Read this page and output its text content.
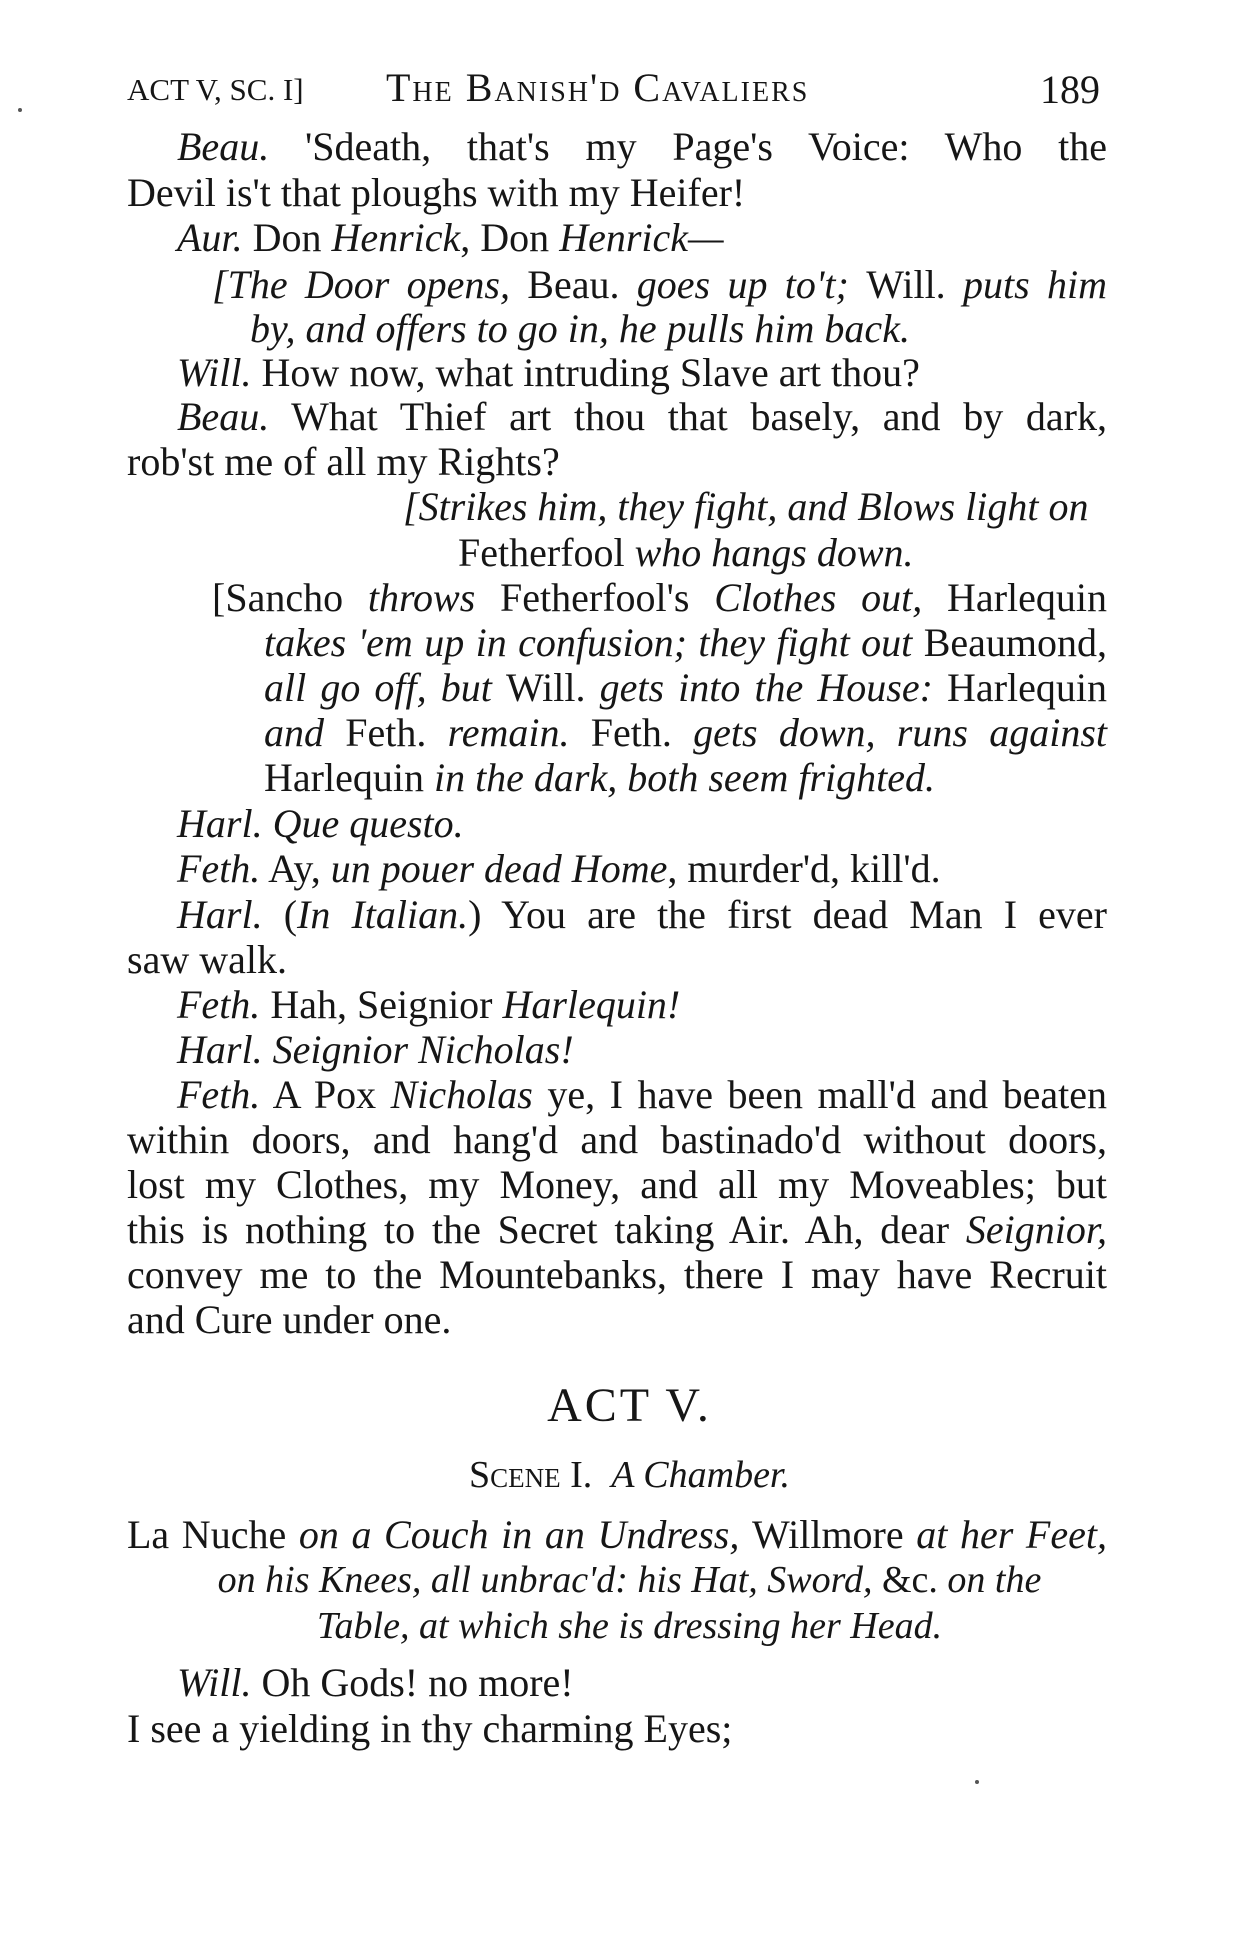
ACT V, SC. I] The Banish'd Cavaliers	189
Beau. 'Sdeath, that's my Page's Voice: Who the
Devil is't that ploughs with my Heifer!
Aur. Don Henrick, Don Henrick—
[The Door opens, Beau. goes up to't; Will. puts him
by, and offers to go in, he pulls him back.
Will. How now, what intruding Slave art thou?
Beau. What Thief art thou that basely, and by dark,
rob'st me of all my Rights?
[Strikes him, they fight, and Blows light on
Fetherfool who hangs down.
[Sancho throws Fetherfool's Clothes out, Harlequin
takes 'em up in confusion; they fight out Beaumond,
all go off, but Will. gets into the House: Harlequin
and Feth. remain. Feth. gets down, runs against
Harlequin in the dark, both seem frighted.
Harl. Que questo.
Feth. Ay, un pouer dead Home, murder'd, kill'd.
Harl. (In Italian.) You are the first dead Man I ever
saw walk.
Feth. Hah, Seignior Harlequin!
Harl. Seignior Nicholas!
Feth. A Pox Nicholas ye, I have been mall'd and beaten
within doors, and hang'd and bastinado'd without doors,
lost my Clothes, my Money, and all my Moveables; but
this is nothing to the Secret taking Air. Ah, dear Seignior,
convey me to the Mountebanks, there I may have Recruit
and Cure under one.
ACT V.
Scene I. A Chamber.
La Nuche on a Couch in an Undress, Willmore at her Feet,
on his Knees, all unbrac'd: his Hat, Sword, &c. on the
Table, at which she is dressing her Head.
Will. Oh Gods! no more!
I see a yielding in thy charming Eyes;
